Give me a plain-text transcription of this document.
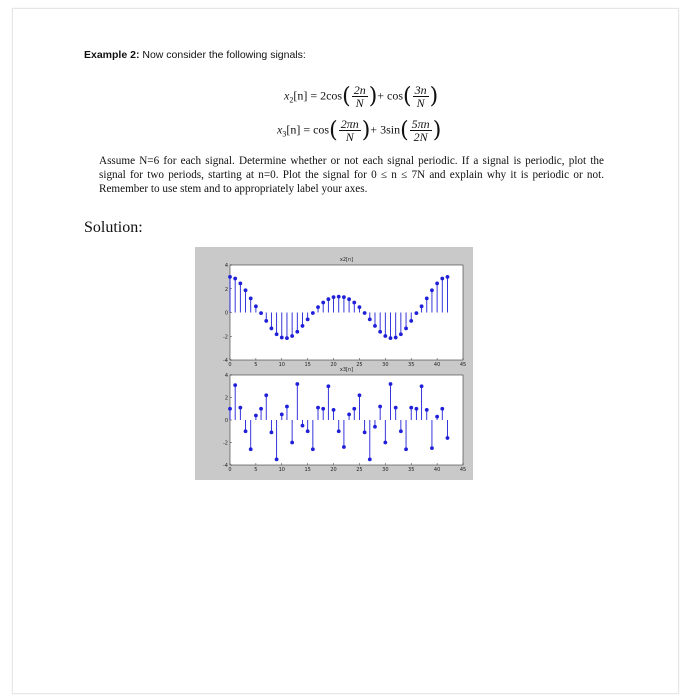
Example 2: Now consider the following signals:
$x_2[n] = 2\cos( \frac{2n}{N}$ )+ $\cos( \frac{3n}{N}$ )
$x_3[n] = \cos( \frac{2\pi n}{N}$ )+ $3\sin( \frac{5\pi n}{2N}$ )
Assume N=6 for each signal. Determine whether or not each signal periodic. If a signal is periodic, plot the signal for two periods, starting at n=0. Plot the signal for 0 ≤ n ≤ 7N and explain why it is periodic or not. Remember to use stem and to appropriately label your axes.
Solution:
x2[n]
0	5	10	15	20	25	30	35	40	45
4
2
0
-2
-4
x3[n]
0	5	10	15	20	25	30	35	40	45
4
2
0
-2
-4
